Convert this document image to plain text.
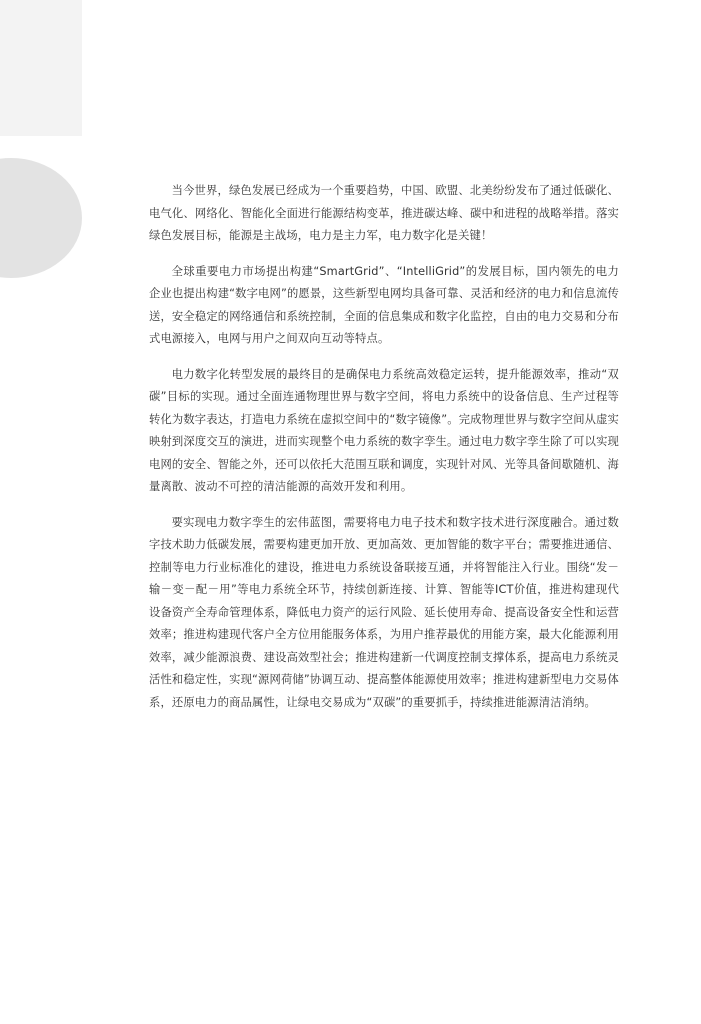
当今世界，绿色发展已经成为一个重要趋势，中国、欧盟、北美纷纷发布了通过低碳化、电气化、网络化、智能化全面进行能源结构变革，推进碳达峰、碳中和进程的战略举措。落实绿色发展目标，能源是主战场，电力是主力军，电力数字化是关键！

全球重要电力市场提出构建“SmartGrid”、“IntelliGrid”的发展目标，国内领先的电力企业也提出构建“数字电网”的愿景，这些新型电网均具备可靠、灵活和经济的电力和信息流传送，安全稳定的网络通信和系统控制，全面的信息集成和数字化监控，自由的电力交易和分布式电源接入，电网与用户之间双向互动等特点。

电力数字化转型发展的最终目的是确保电力系统高效稳定运转，提升能源效率，推动“双碳”目标的实现。通过全面连通物理世界与数字空间，将电力系统中的设备信息、生产过程等转化为数字表达，打造电力系统在虚拟空间中的“数字镜像”。完成物理世界与数字空间从虚实映射到深度交互的演进，进而实现整个电力系统的数字孪生。通过电力数字孪生除了可以实现电网的安全、智能之外，还可以依托大范围互联和调度，实现针对风、光等具备间歇随机、海量离散、波动不可控的清洁能源的高效开发和利用。

要实现电力数字孪生的宏伟蓝图，需要将电力电子技术和数字技术进行深度融合。通过数字技术助力低碳发展，需要构建更加开放、更加高效、更加智能的数字平台；需要推进通信、控制等电力行业标准化的建设，推进电力系统设备联接互通，并将智能注入行业。围绕“发－输－变－配－用”等电力系统全环节，持续创新连接、计算、智能等ICT价值，推进构建现代设备资产全寿命管理体系，降低电力资产的运行风险、延长使用寿命、提高设备安全性和运营效率；推进构建现代客户全方位用能服务体系，为用户推荐最优的用能方案，最大化能源利用效率，减少能源浪费、建设高效型社会；推进构建新一代调度控制支撑体系，提高电力系统灵活性和稳定性，实现“源网荷储”协调互动、提高整体能源使用效率；推进构建新型电力交易体系，还原电力的商品属性，让绿电交易成为“双碳”的重要抓手，持续推进能源清洁消纳。
